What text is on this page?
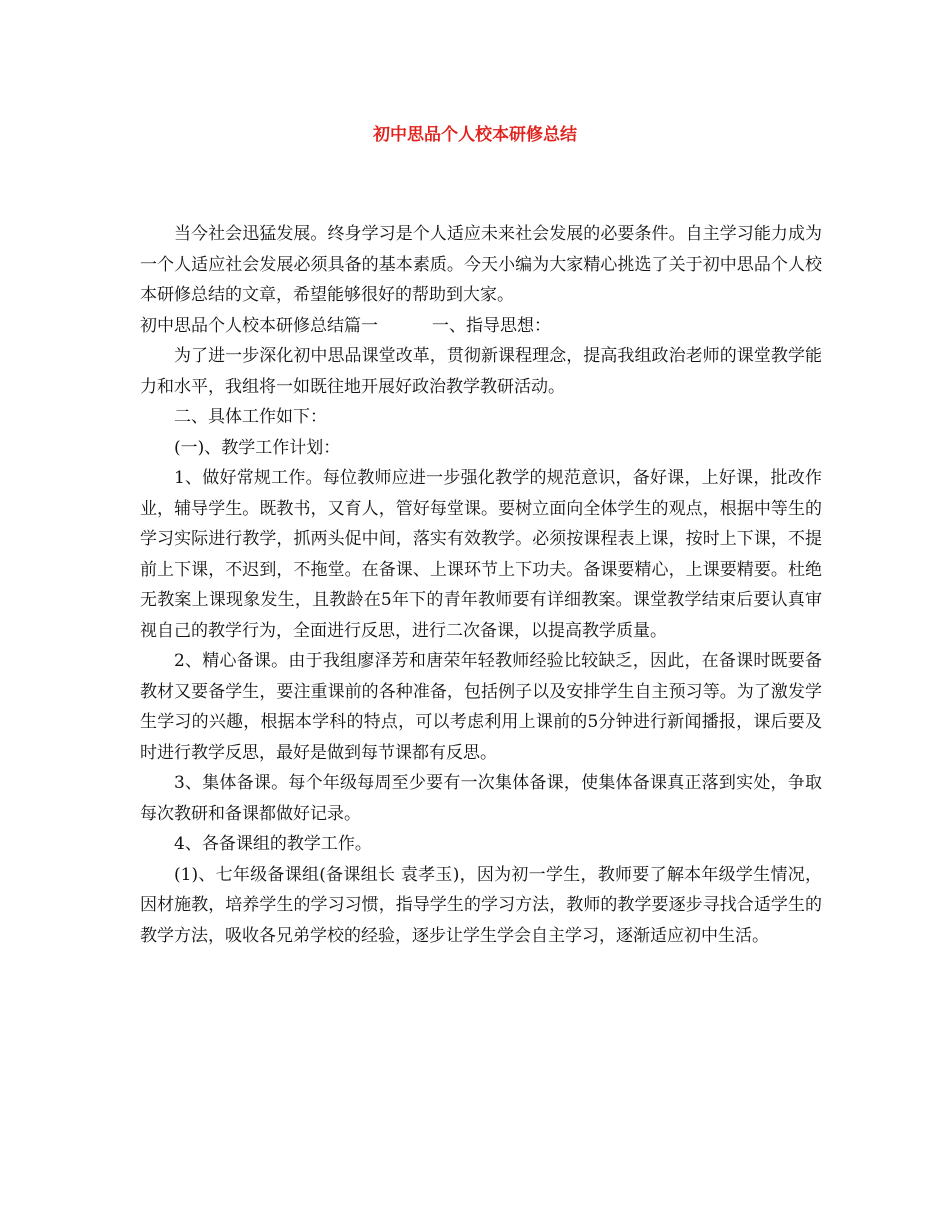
初中思品个人校本研修总结

当今社会迅猛发展。终身学习是个人适应未来社会发展的必要条件。自主学习能力成为一个人适应社会发展必须具备的基本素质。今天小编为大家精心挑选了关于初中思品个人校本研修总结的文章，希望能够很好的帮助到大家。

初中思品个人校本研修总结篇一	一、指导思想：

为了进一步深化初中思品课堂改革，贯彻新课程理念，提高我组政治老师的课堂教学能力和水平，我组将一如既往地开展好政治教学教研活动。

二、具体工作如下：

(一)、教学工作计划：

1、做好常规工作。每位教师应进一步强化教学的规范意识，备好课，上好课，批改作业，辅导学生。既教书，又育人，管好每堂课。要树立面向全体学生的观点，根据中等生的学习实际进行教学，抓两头促中间，落实有效教学。必须按课程表上课，按时上下课，不提前上下课，不迟到，不拖堂。在备课、上课环节上下功夫。备课要精心，上课要精要。杜绝无教案上课现象发生，且教龄在5年下的青年教师要有详细教案。课堂教学结束后要认真审视自己的教学行为，全面进行反思，进行二次备课，以提高教学质量。

2、精心备课。由于我组廖泽芳和唐荣年轻教师经验比较缺乏，因此，在备课时既要备教材又要备学生，要注重课前的各种准备，包括例子以及安排学生自主预习等。为了激发学生学习的兴趣，根据本学科的特点，可以考虑利用上课前的5分钟进行新闻播报，课后要及时进行教学反思，最好是做到每节课都有反思。

3、集体备课。每个年级每周至少要有一次集体备课，使集体备课真正落到实处，争取每次教研和备课都做好记录。

4、各备课组的教学工作。

(1)、七年级备课组(备课组长 袁孝玉)，因为初一学生，教师要了解本年级学生情况，因材施教，培养学生的学习习惯，指导学生的学习方法，教师的教学要逐步寻找合适学生的教学方法，吸收各兄弟学校的经验，逐步让学生学会自主学习，逐渐适应初中生活。
